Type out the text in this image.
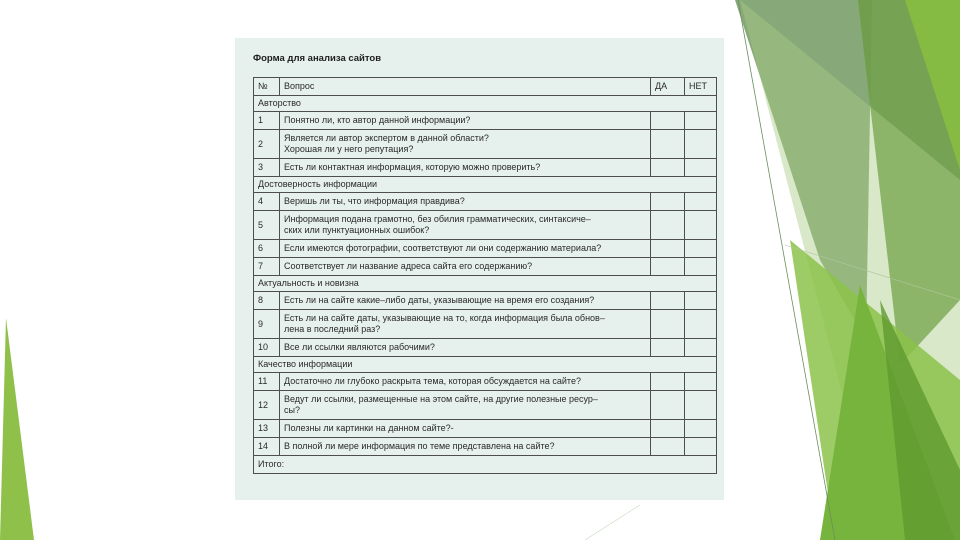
Форма для анализа сайтов
№	Вопрос	ДА	НЕТ
Авторство			
1	Понятно ли, кто автор данной информации?		

2	Является ли автор экспертом в данной области?
Хорошая ли у него репутация?		

3	Есть ли контактная информация, которую можно проверить?		

Достоверность информации			
4	Веришь ли ты, что информация правдива?		

5	Информация подана грамотно, без обилия грамматических, синтаксиче–
ских или пунктуационных ошибок?		

6	Если имеются фотографии, соответствуют ли они содержанию материала?		

7	Соответствует ли название адреса сайта его содержанию?		

Актуальность и новизна			
8	Есть ли на сайте какие–либо даты, указывающие на время его создания?		

9	Есть ли на сайте даты, указывающие на то, когда информация была обнов–
лена в последний раз?		

10	Все ли ссылки являются рабочими?		

Качество информации			
11	Достаточно ли глубоко раскрыта тема, которая обсуждается на сайте?		

12	Ведут ли ссылки, размещенные на этом сайте, на другие полезные ресур–
сы?		

13	Полезны ли картинки на данном сайте?-		

14	В полной ли мере информация по теме представлена на сайте?		

Итого:			
